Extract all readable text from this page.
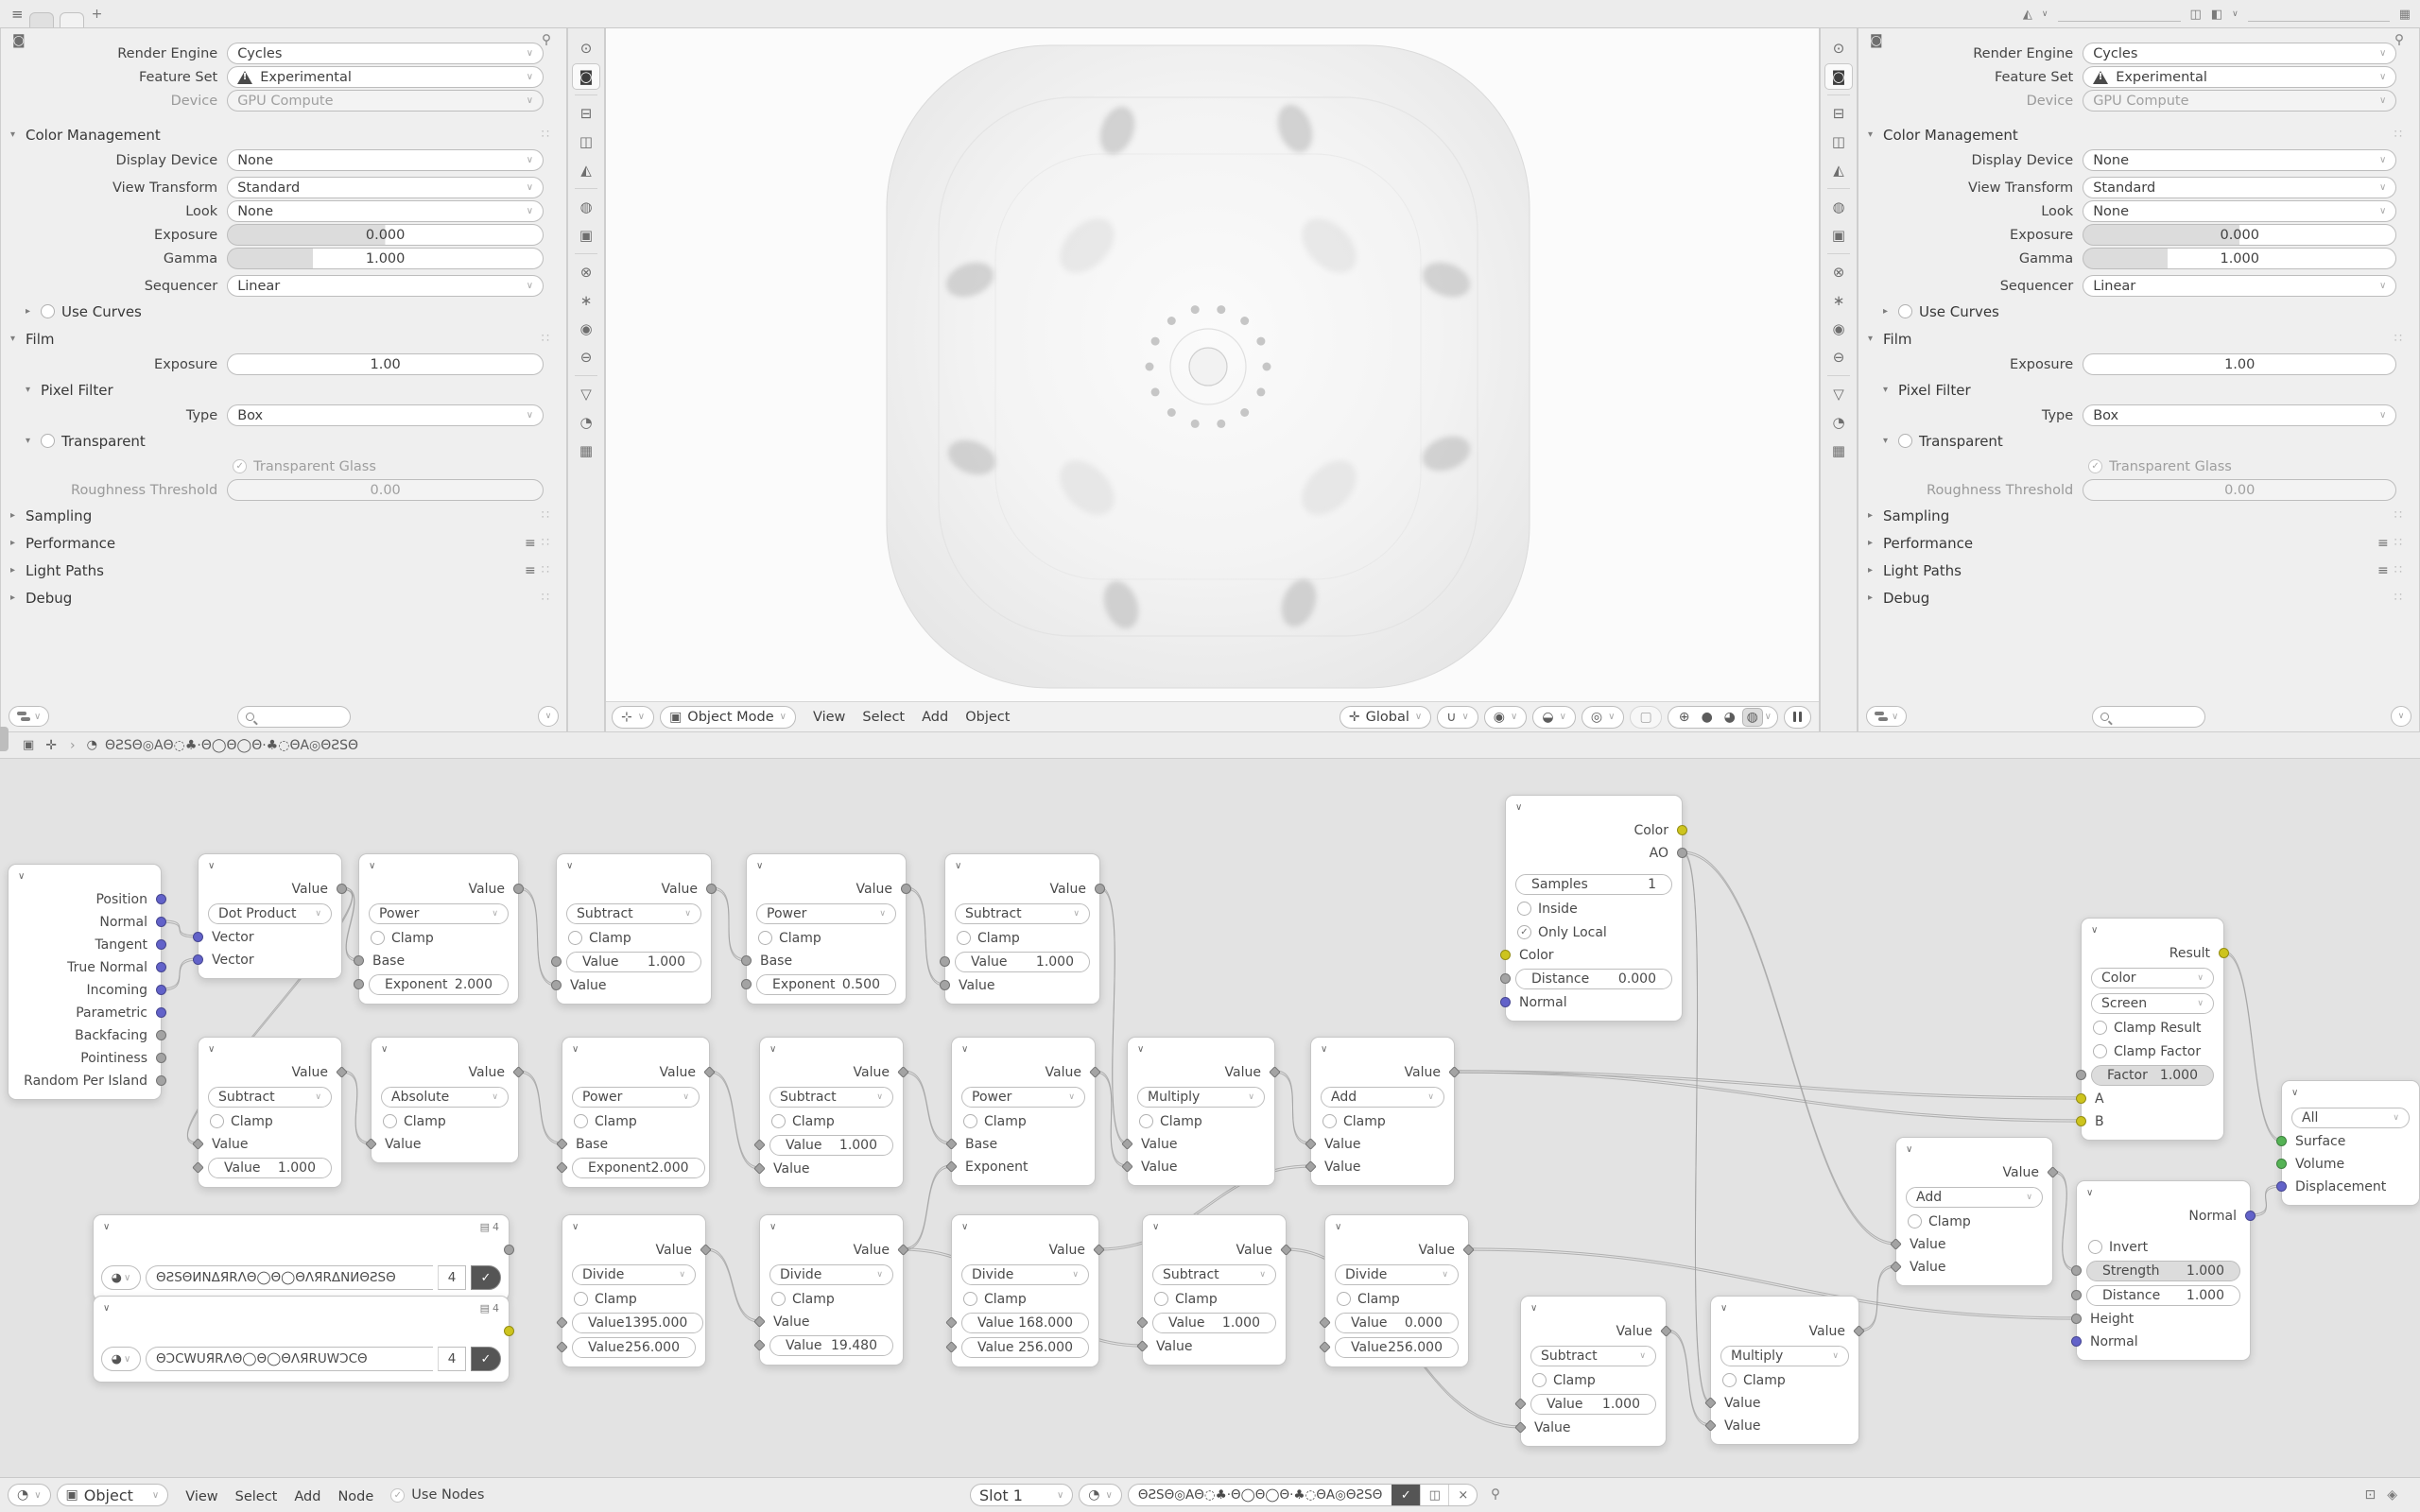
≡	+	◭ ∨	◫ ◧ ∨	▦
◙
Render Engine	Cycles	∨
Feature Set !	Experimental	∨
Device	GPU Compute	∨
▾ Color Management	∷
Display Device	None	∨
View Transform	Standard	∨
Look	None	∨
Exposure	0.000
Gamma	1.000
Sequencer	Linear	∨
▸	Use Curves
▾ Film	∷
Exposure	1.00
▾ Pixel Filter
Type	Box	∨
▾	Transparent
✓ Transparent Glass
Roughness Threshold	0.00
▸ Sampling	∷
▸ Performance	≡ ∷
▸ Light Paths	≡ ∷
▸ Debug	∷
∨	∨
⊙
◙
⊟
◫
◭
◍
▣
⊗
∗
◉
⊖
▽
◔
▦
⊹ ∨ ▣ Object Mode ∨	View Select Add Object	✛ Global ∨ ∪ ∨ ◉ ∨ ◒ ∨ ◎ ∨ ▢	⊕ ● ◕ ◍ ∨
⊙
◙
⊟
◫
◭
◍
▣
⊗
∗
◉
⊖
▽
◔
▦
◙
Render Engine	Cycles	∨
Feature Set !	Experimental	∨
Device	GPU Compute	∨
▾ Color Management	∷
Display Device	None	∨
View Transform	Standard	∨
Look	None	∨
Exposure	0.000
Gamma	1.000
Sequencer	Linear	∨
▸	Use Curves
▾ Film	∷
Exposure	1.00
▾ Pixel Filter
Type	Box	∨
▾	Transparent
✓ Transparent Glass
Roughness Threshold	0.00
▸ Sampling	∷
▸ Performance	≡ ∷
▸ Light Paths	≡ ∷
▸ Debug	∷
∨	∨
▣ ✛ › ◔ ΘƧSΘ◎AΘ◌♣·Θ◯Θ◯Θ·♣◌ΘA◎ΘƧSΘ
∨
Position
Normal
Tangent
True Normal
Incoming
Parametric
Backfacing
Pointiness
Random Per Island
∨
Value
Dot Product ∨
Vector
Vector
∨
Value
Power	∨
Clamp
Base
Exponent 2.000
∨
Value
Subtract	∨
Clamp
Value 1.000
Value
∨
Value
Power	∨
Clamp
Base
Exponent 0.500
∨
Value
Subtract	∨
Clamp
Value 1.000
Value
∨
Value
Subtract	∨
Clamp
Value
Value 1.000
∨
Value
Absolute	∨
Clamp
Value
∨
Value
Power	∨
Clamp
Base
Exponent 2.000
∨
Value
Subtract	∨
Clamp
Value 1.000
Value
∨
Value
Power	∨
Clamp
Base
Exponent
∨
Value
Multiply	∨
Clamp
Value
Value
∨
Value
Add	∨
Clamp
Value
Value
∨
Color
AO
Samples	1
Inside
✓ Only Local
Color
Distance 0.000
Normal
∨
Result
Color	∨
Screen	∨
Clamp Result
Clamp Factor
Factor 1.000
A
B
∨
All	∨
Surface
Volume
Displacement
∨
Normal
Invert
Strength 1.000
Distance 1.000
Height
Normal
∨	▤ 4
◕ ∨	ΘƧSΘИNΔЯRΛΘ◯Θ◯ΘΛЯRΔNИΘƧSΘ	4	✓
∨	▤ 4
◕ ∨	ΘƆCWUЯRΛΘ◯Θ◯ΘΛЯRUWƆCΘ	4	✓
∨
Value
Divide	∨
Clamp
Value 1395.000
Value 256.000
∨
Value
Divide	∨
Clamp
Value
Value 19.480
∨
Value
Divide	∨
Clamp
Value 168.000
Value 256.000
∨
Value
Subtract	∨
Clamp
Value 1.000
Value
∨
Value
Divide	∨
Clamp
Value 0.000
Value 256.000
∨
Value
Subtract	∨
Clamp
Value 1.000
Value
∨
Value
Multiply	∨
Clamp
Value
Value
∨
Value
Add	∨
Clamp
Value
Value
◔ ∨ ▣ Object ∨	View Select Add Node	✓ Use Nodes	Slot 1	∨ ◔ ∨	ΘƧSΘ◎AΘ◌♣·Θ◯Θ◯Θ·♣◌ΘA◎ΘƧSΘ	✓	◫	×	⊡ ◈
